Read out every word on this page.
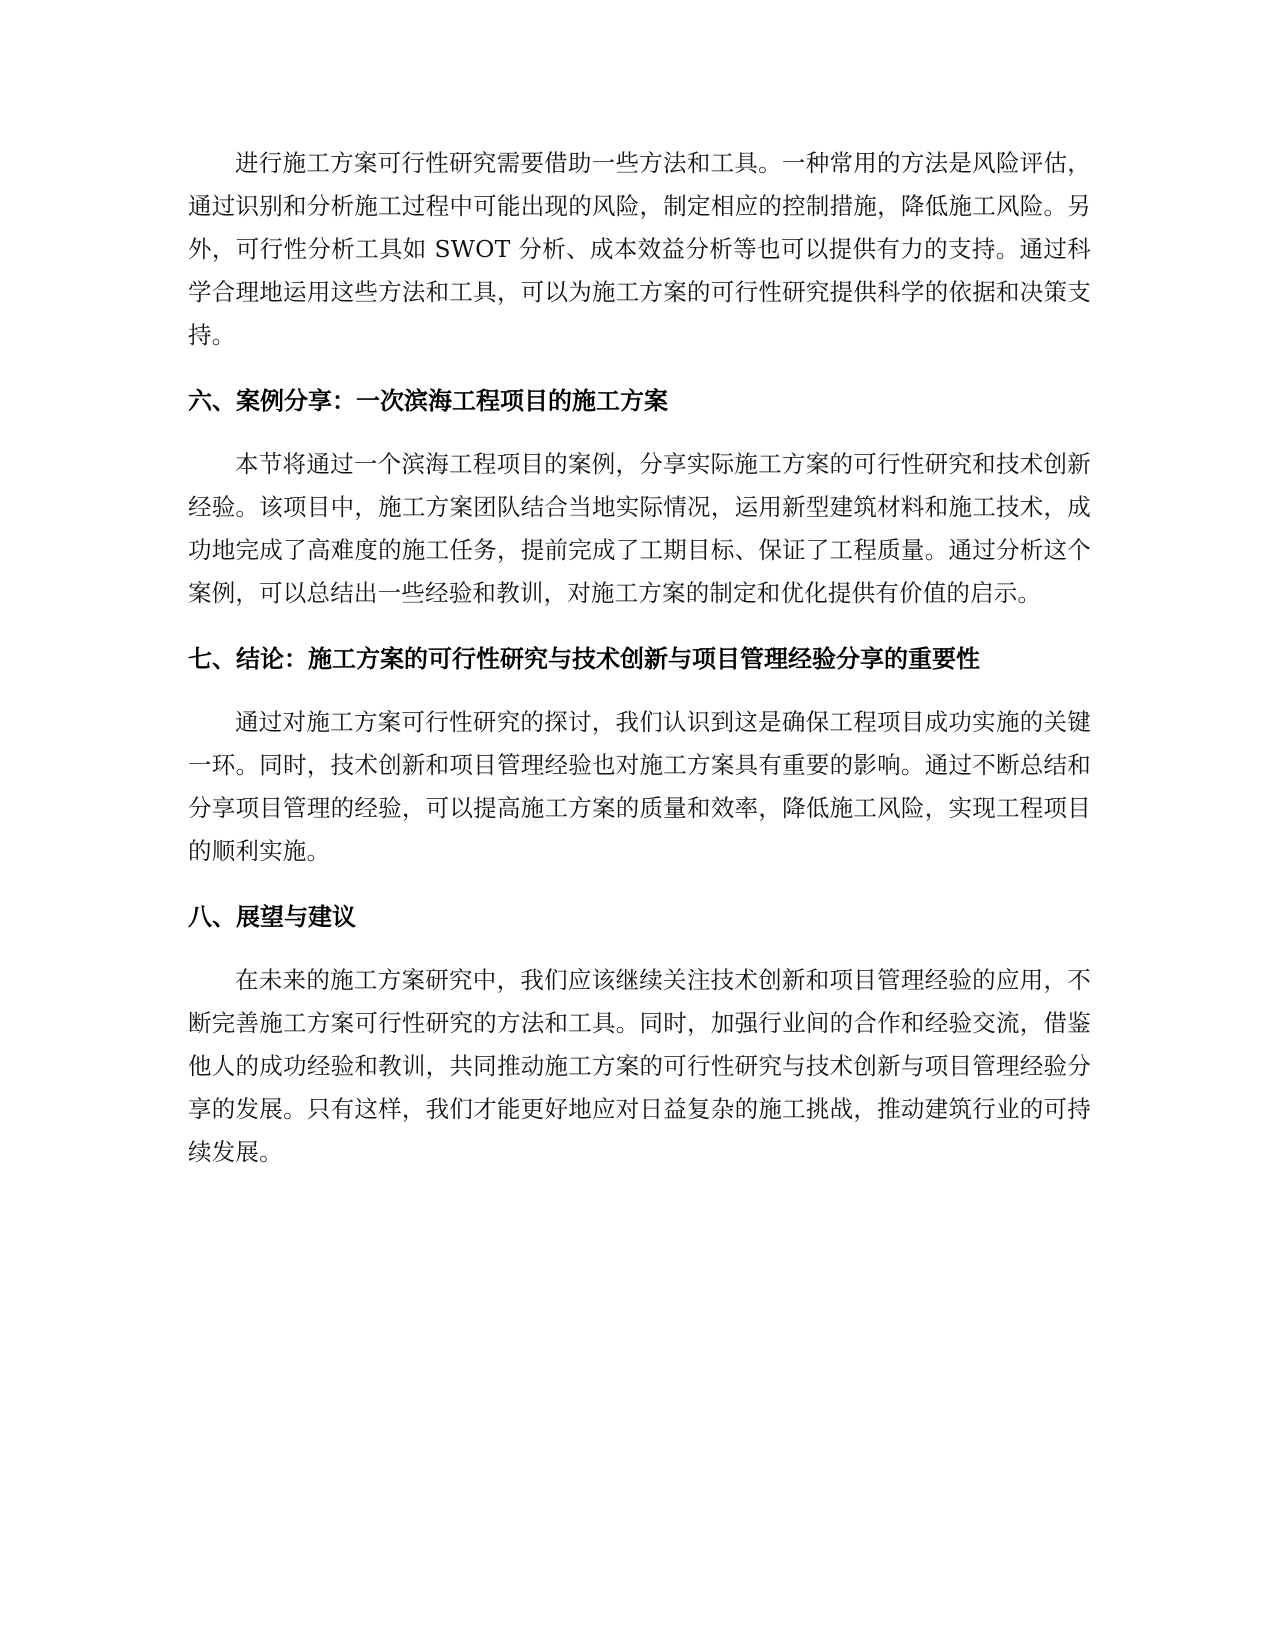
进行施工方案可行性研究需要借助一些方法和工具。一种常用的方法是风险评估，通过识别和分析施工过程中可能出现的风险，制定相应的控制措施，降低施工风险。另外，可行性分析工具如 SWOT 分析、成本效益分析等也可以提供有力的支持。通过科学合理地运用这些方法和工具，可以为施工方案的可行性研究提供科学的依据和决策支持。

六、案例分享：一次滨海工程项目的施工方案

本节将通过一个滨海工程项目的案例，分享实际施工方案的可行性研究和技术创新经验。该项目中，施工方案团队结合当地实际情况，运用新型建筑材料和施工技术，成功地完成了高难度的施工任务，提前完成了工期目标、保证了工程质量。通过分析这个案例，可以总结出一些经验和教训，对施工方案的制定和优化提供有价值的启示。

七、结论：施工方案的可行性研究与技术创新与项目管理经验分享的重要性

通过对施工方案可行性研究的探讨，我们认识到这是确保工程项目成功实施的关键一环。同时，技术创新和项目管理经验也对施工方案具有重要的影响。通过不断总结和分享项目管理的经验，可以提高施工方案的质量和效率，降低施工风险，实现工程项目的顺利实施。

八、展望与建议

在未来的施工方案研究中，我们应该继续关注技术创新和项目管理经验的应用，不断完善施工方案可行性研究的方法和工具。同时，加强行业间的合作和经验交流，借鉴他人的成功经验和教训，共同推动施工方案的可行性研究与技术创新与项目管理经验分享的发展。只有这样，我们才能更好地应对日益复杂的施工挑战，推动建筑行业的可持续发展。
